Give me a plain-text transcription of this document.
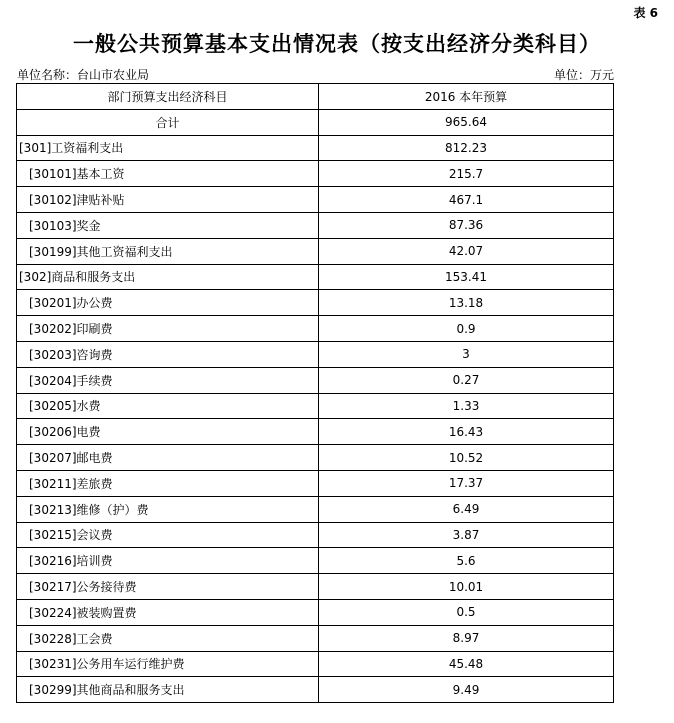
表 6
一般公共预算基本支出情况表（按支出经济分类科目）
单位名称：台山市农业局	单位：万元
部门预算支出经济科目	2016 本年预算
合计	965.64
[301]工资福利支出	812.23
[30101]基本工资	215.7
[30102]津贴补贴	467.1
[30103]奖金	87.36
[30199]其他工资福利支出	42.07
[302]商品和服务支出	153.41
[30201]办公费	13.18
[30202]印刷费	0.9
[30203]咨询费	3
[30204]手续费	0.27
[30205]水费	1.33
[30206]电费	16.43
[30207]邮电费	10.52
[30211]差旅费	17.37
[30213]维修（护）费	6.49
[30215]会议费	3.87
[30216]培训费	5.6
[30217]公务接待费	10.01
[30224]被装购置费	0.5
[30228]工会费	8.97
[30231]公务用车运行维护费	45.48
[30299]其他商品和服务支出	9.49
